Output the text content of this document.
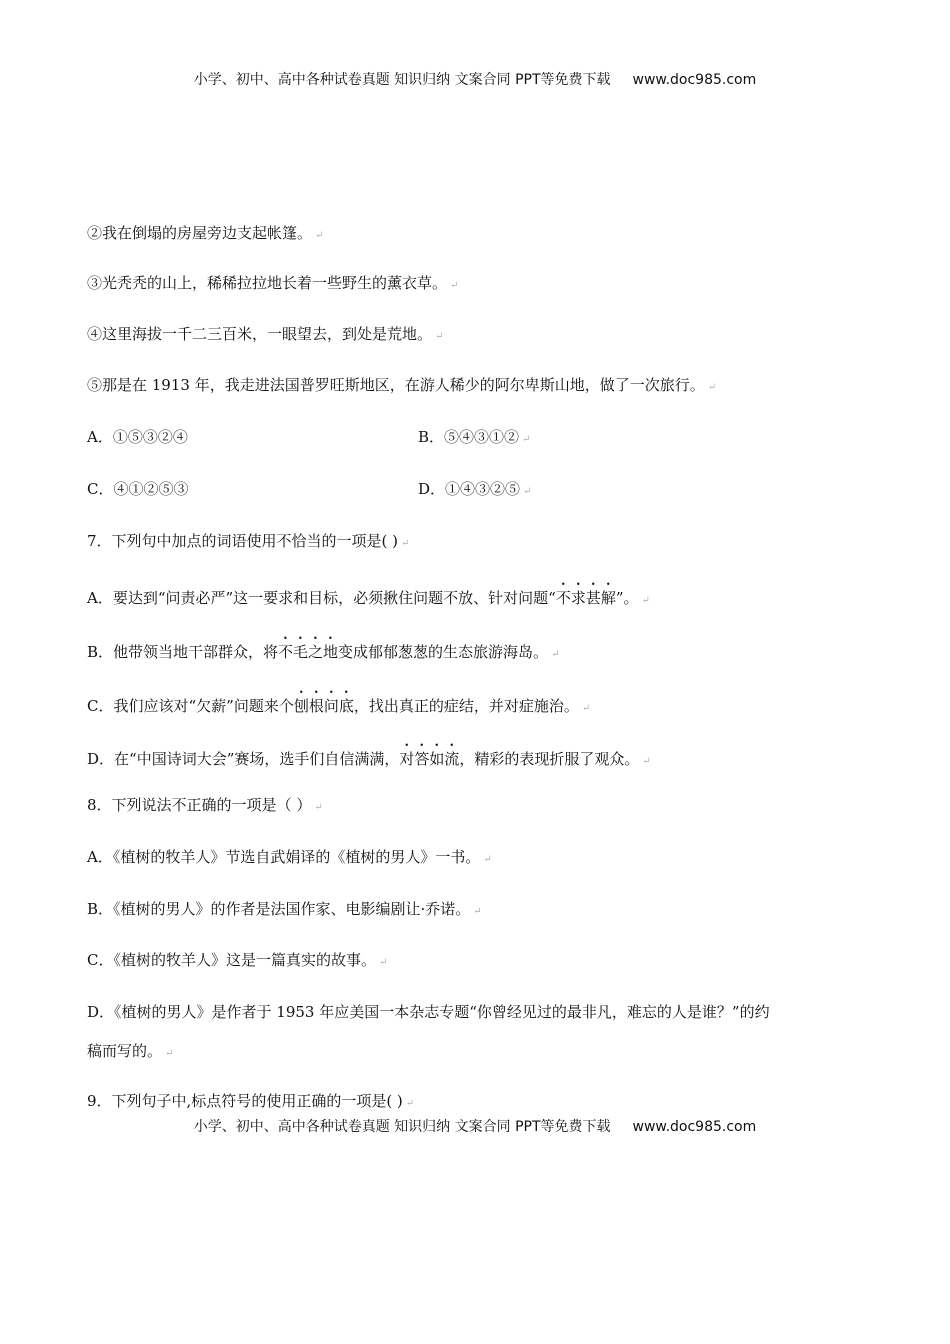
小学、初中、高中各种试卷真题 知识归纳 文案合同 PPT等免费下载 www.doc985.com
②我在倒塌的房屋旁边支起帐篷。 ↵
③光秃秃的山上，稀稀拉拉地长着一些野生的薰衣草。 ↵
④这里海拔一千二三百米，一眼望去，到处是荒地。 ↵
⑤那是在 1913 年，我走进法国普罗旺斯地区，在游人稀少的阿尔卑斯山地，做了一次旅行。 ↵
A．①⑤③②④	B．⑤④③①② ↵
C．④①②⑤③	D．①④③②⑤ ↵
7．下列句中加点的词语使用不恰当的一项是( ) ↵
A．要达到“问责必严”这一要求和目标，必须揪住问题不放、针对问题“不求甚解”。 ↵
B．他带领当地干部群众，将不毛之地变成郁郁葱葱的生态旅游海岛。 ↵
C．我们应该对“欠薪”问题来个刨根问底，找出真正的症结，并对症施治。 ↵
D．在“中国诗词大会”赛场，选手们自信满满，对答如流，精彩的表现折服了观众。 ↵
8．下列说法不正确的一项是（ ） ↵
A．《植树的牧羊人》节选自武娟译的《植树的男人》一书。 ↵
B．《植树的男人》的作者是法国作家、电影编剧让·乔诺。 ↵
C．《植树的牧羊人》这是一篇真实的故事。 ↵
D．《植树的男人》是作者于 1953 年应美国一本杂志专题“你曾经见过的最非凡，难忘的人是谁？”的约
稿而写的。 ↵
9．下列句子中,标点符号的使用正确的一项是( ) ↵
小学、初中、高中各种试卷真题 知识归纳 文案合同 PPT等免费下载 www.doc985.com
